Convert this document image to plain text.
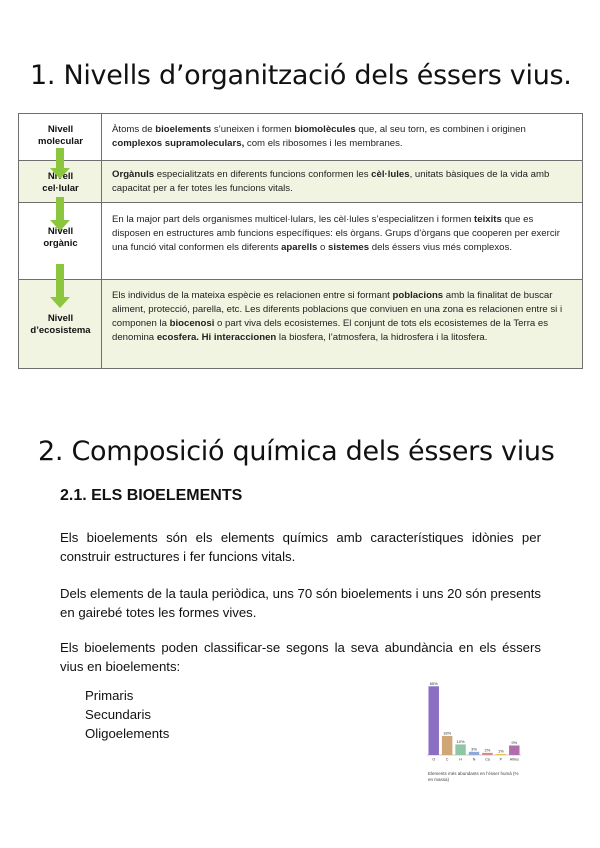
1. Nivells d’organització dels éssers vius.
Nivell
molecular
Àtoms de bioelements s’uneixen i formen biomolècules que, al seu torn, es combinen i originen complexos supramoleculars, com els ribosomes i les membranes.
Nivell
cel·lular
Orgànuls especialitzats en diferents funcions conformen les cèl·lules, unitats bàsiques de la vida amb capacitat per a fer totes les funcions vitals.
Nivell
orgànic
En la major part dels organismes multicel·lulars, les cèl·lules s’especialitzen i formen teixits que es disposen en estructures amb funcions específiques: els òrgans. Grups d’òrgans que cooperen per exercir una funció vital conformen els diferents aparells o sistemes dels éssers vius més complexos.
Nivell
d’ecosistema
Els individus de la mateixa espècie es relacionen entre si formant poblacions amb la finalitat de buscar aliment, protecció, parella, etc. Les diferents poblacions que conviuen en una zona es relacionen entre si i componen la biocenosi o part viva dels ecosistemes. El conjunt de tots els ecosistemes de la Terra es denomina ecosfera. Hi interaccionen la biosfera, l’atmosfera, la hidrosfera i la litosfera.
2. Composició química dels éssers vius
2.1. ELS BIOELEMENTS
Els bioelements són els elements químics amb característiques idònies per construir estructures i fer funcions vitals.
Dels elements de la taula periòdica, uns 70 són bioelements i uns 20 són presents en gairebé totes les formes vives.
Els bioelements poden classificar-se segons la seva abundància en els éssers vius en bioelements:
Primaris
Secundaris
Oligoelements
65%
O
18%
C
10%
H
3%
N
2%
Ca
1%
P
9%
Altres
Elements més abundants en l’ésser humà (% en massa)
